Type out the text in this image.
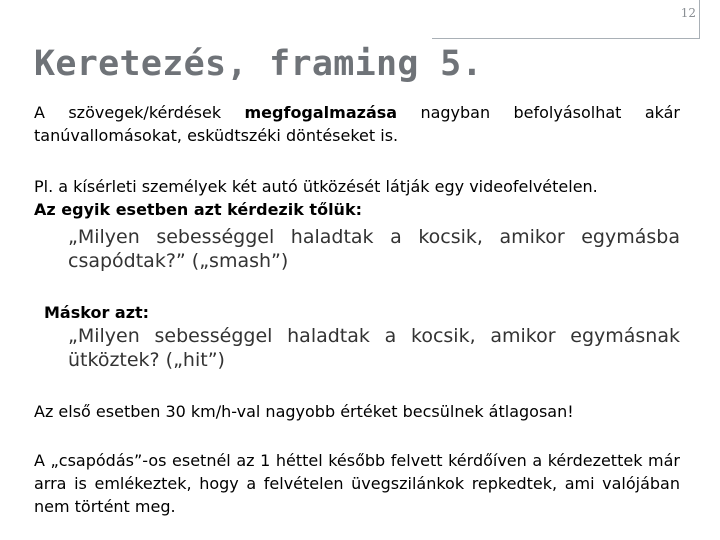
12
Keretezés, framing 5.
A szövegek/kérdések megfogalmazása nagyban befolyásolhat akár tanúvallomásokat, esküdtszéki döntéseket is.
Pl. a kísérleti személyek két autó ütközését látják egy videofelvételen.
Az egyik esetben azt kérdezik tőlük:
„Milyen sebességgel haladtak a kocsik, amikor egymásba csapódtak?” („smash”)
Máskor azt:
„Milyen sebességgel haladtak a kocsik, amikor egymásnak ütköztek? („hit”)
Az első esetben 30 km/h-val nagyobb értéket becsülnek átlagosan!
A „csapódás”-os esetnél az 1 héttel később felvett kérdőíven a kérdezettek már arra is emlékeztek, hogy a felvételen üvegszilánkok repkedtek, ami valójában nem történt meg.
